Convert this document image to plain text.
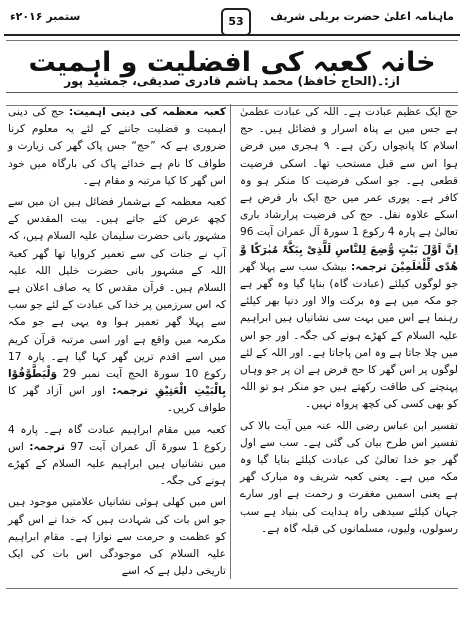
ستمبر ۲۰۱۶ء	53	ماہنامہ اعلیٰ حضرت بریلی شریف
خانہ کعبہ کی افضلیت و اہمیت
از:۔(الحاج حافظ) محمد ہاشم قادری صدیقی، جمشید پور

حج ایک عظیم عبادت ہے۔ اللہ کی عبادت عظمیٰ ہے جس میں بے پناہ اسرار و فضائل ہیں۔ حج اسلام کا پانچواں رکن ہے۔ ۹ ہجری میں فرض ہوا اس سے قبل مستحب تھا۔ اسکی فرضیت قطعی ہے۔ جو اسکی فرضیت کا منکر ہو وہ کافر ہے۔ پوری عمر میں حج ایک بار فرض ہے اسکے علاوہ نفل۔ حج کی فرضیت پرارشاد باری تعالیٰ ہے پارہ 4 رکوع 1 سورۃ آل عمران آیت 96 اِنَّ اَوَّلَ بَیْتٍ وُّضِعَ لِلنَّاسِ لَلَّذِیْ بِبَکَّۃَ مُبٰرَکًا وَّ ھُدًی لِّلْعٰلَمِیْنَ ترجمہ: بیشک سب سے پہلا گھر جو لوگوں کیلئے (عبادت گاہ) بنایا گیا وہ گھر ہے جو مکہ میں ہے وہ برکت والا اور دنیا بھر کیلئے رہنما ہے اس میں بہت سی نشانیاں ہیں ابراہیم علیہ السلام کے کھڑے ہونے کی جگہ۔ اور جو اس میں چلا جاتا ہے وہ امن پاجاتا ہے۔ اور اللہ کے لئے لوگوں پر اس گھر کا حج فرض ہے ان پر جو وہاں پہنچنے کی طاقت رکھتے ہیں جو منکر ہو تو اللہ کو بھی کسی کی کچھ پرواہ نہیں۔

تفسیر ابن عباس رضی اللہ عنہ میں آیت بالا کی تفسیر اس طرح بیان کی گئی ہے۔ سب سے اول گھر جو خدا تعالیٰ کی عبادت کیلئے بنایا گیا وہ مکہ میں ہے۔ یعنی کعبہ شریف وہ مبارک گھر ہے یعنی اسمیں مغفرت و رحمت ہے اور سارے جہان کیلئے سیدھی راہ ہدایت کی بنیاد ہے سب رسولوں، ولیوں، مسلمانوں کی قبلہ گاہ ہے۔

کعبہ معظمہ کی دینی اہمیت: حج کی دینی اہمیت و فضلیت جاننے کے لئے یہ معلوم کرنا ضروری ہے کہ ”حج“ جس پاک گھر کی زیارت و طواف کا نام ہے خدائے پاک کی بارگاہ میں خود اس گھر کا کیا مرتبہ و مقام ہے۔

کعبہ معظمہ کے بےشمار فضائل ہیں ان میں سے کچھ عرض کئے جاتے ہیں۔ بیت المقدس کے مشہور بانی حضرت سلیمان علیہ السلام ہیں، کہ آپ نے جنات کی سے تعمیر کروایا تھا گھر کعبۃ اللہ کے مشہور بانی حضرت خلیل اللہ علیہ السلام ہیں۔ قرآن مقدس کا یہ صاف اعلان ہے کہ اس سرزمین پر خدا کی عبادت کے لئے جو سب سے پہلا گھر تعمیر ہوا وہ یہی ہے جو مکہ مکرمہ میں واقع ہے اور اسی مرتبہ قرآن کریم میں اسے اقدم ترین گھر کہا گیا ہے۔ پارہ 17 رکوع 10 سورۃ الحج آیت نمبر 29 وَلْیَطَّوَّفُوْا بِالْبَیْتِ الْعَتِیْقِ ترجمہ: اور اس آزاد گھر کا طواف کریں۔

کعبہ میں مقام ابراہیم عبادت گاہ ہے۔ پارہ 4 رکوع 1 سورۃ آل عمران آیت 97 ترجمہ: اس میں نشانیاں ہیں ابراہیم علیہ السلام کے کھڑے ہونے کی جگہ۔

اس میں کھلی ہوئی نشانیاں علامتیں موجود ہیں جو اس بات کی شہادت ہیں کہ خدا نے اس گھر کو عظمت و حرمت سے نوازا ہے۔ مقام ابراہیم علیہ السلام کی موجودگی اس بات کی ایک تاریخی دلیل ہے کہ اسے
